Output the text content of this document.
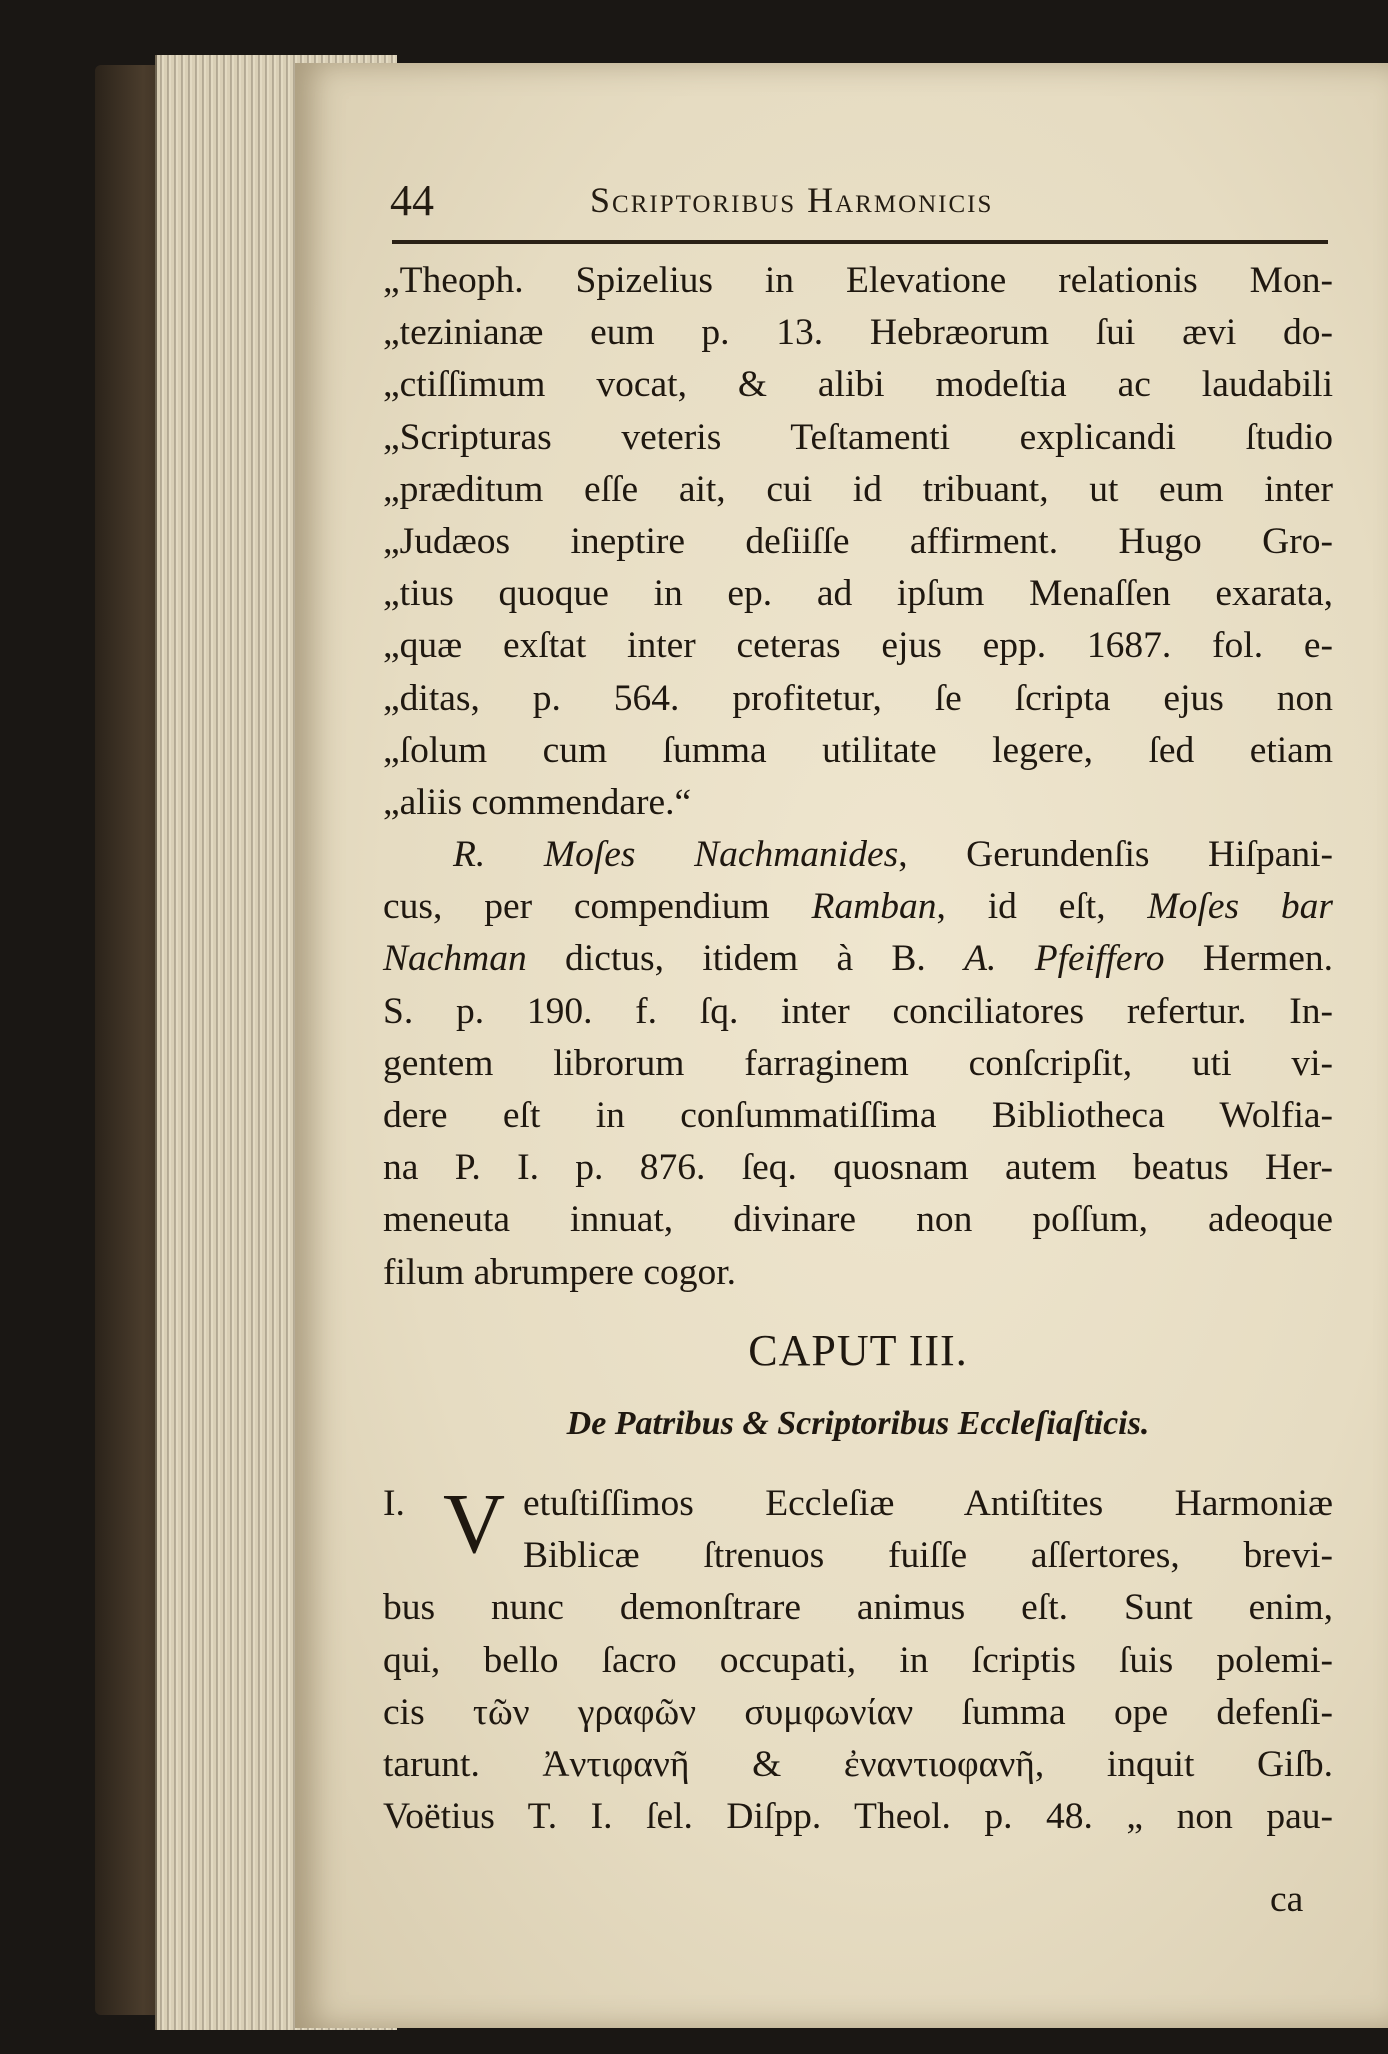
44	Scriptoribus Harmonicis
„Theoph. Spizelius in Elevatione relationis Mon-
„tezinianæ eum p. 13. Hebræorum ſui ævi do-
„ctiſſimum vocat, & alibi modeſtia ac laudabili
„Scripturas veteris Teſtamenti explicandi ſtudio
„præditum eſſe ait, cui id tribuant, ut eum inter
„Judæos ineptire deſiiſſe affirment. Hugo Gro-
„tius quoque in ep. ad ipſum Menaſſen exarata,
„quæ exſtat inter ceteras ejus epp. 1687. fol. e-
„ditas, p. 564. profitetur, ſe ſcripta ejus non
„ſolum cum ſumma utilitate legere, ſed etiam
„aliis commendare.“
R. Moſes Nachmanides, Gerundenſis Hiſpani-
cus, per compendium Ramban, id eſt, Moſes bar
Nachman dictus, itidem à B. A. Pfeiffero Hermen.
S. p. 190. f. ſq. inter conciliatores refertur. In-
gentem librorum farraginem conſcripſit, uti vi-
dere eſt in conſummatiſſima Bibliotheca Wolfia-
na P. I. p. 876. ſeq. quosnam autem beatus Her-
meneuta innuat, divinare non poſſum, adeoque
filum abrumpere cogor.
CAPUT III.
De Patribus & Scriptoribus Eccleſiaſticis.
I. V etuſtiſſimos Eccleſiæ Antiſtites Harmoniæ
Biblicæ ſtrenuos fuiſſe aſſertores, brevi-
bus nunc demonſtrare animus eſt. Sunt enim,
qui, bello ſacro occupati, in ſcriptis ſuis polemi-
cis τῶν γραφῶν συμφωνίαν ſumma ope defenſi-
tarunt. Ἀντιφανῆ & ἐναντιοφανῆ, inquit Giſb.
Voëtius T. I. ſel. Diſpp. Theol. p. 48. „ non pau-
ca
